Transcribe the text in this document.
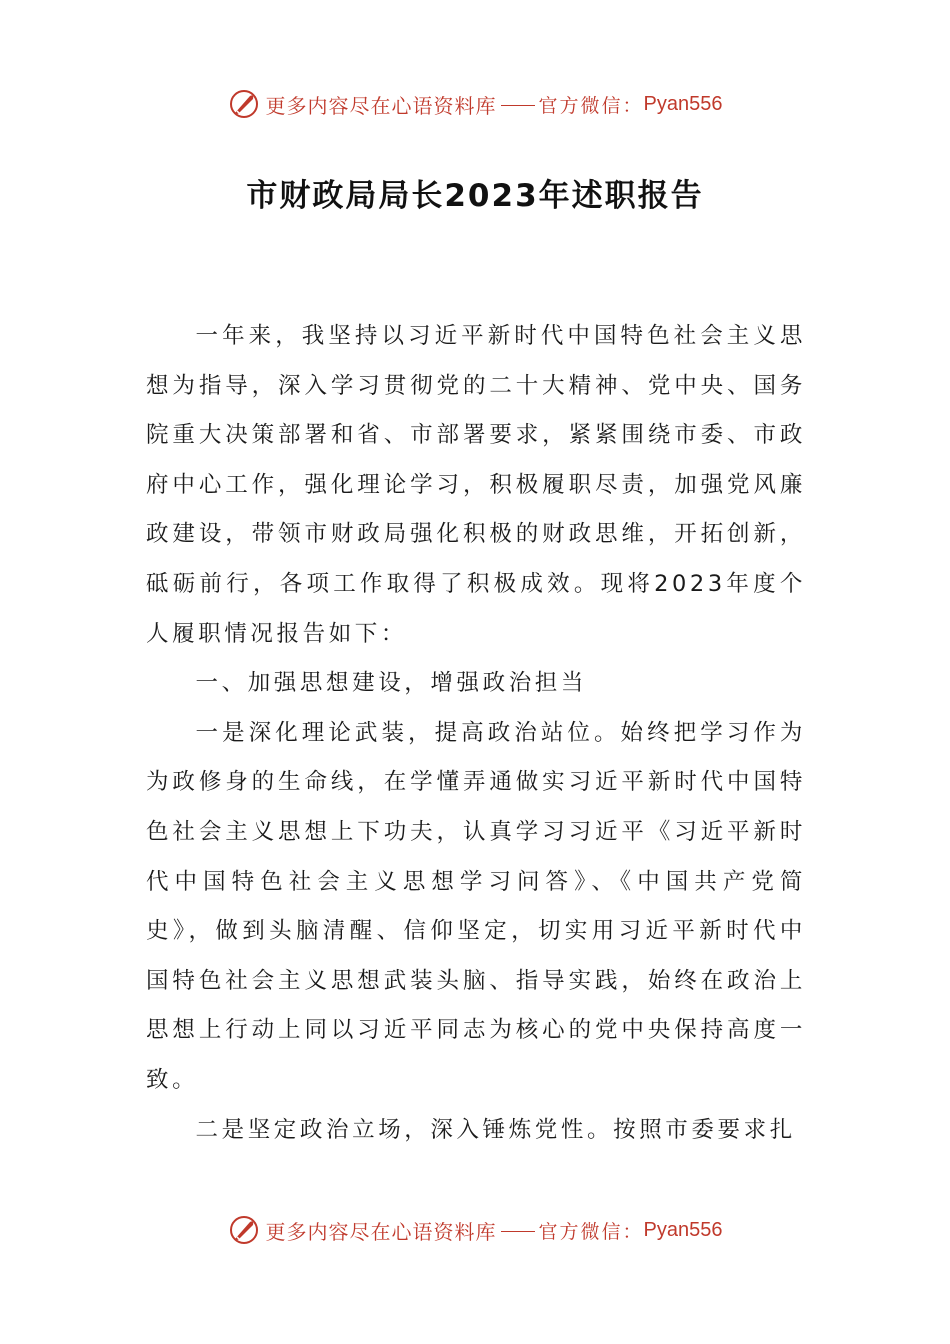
更多内容尽在心语资料库 官方微信： Pyan556
市财政局局长2023年述职报告

一年来，我坚持以习近平新时代中国特色社会主义思想为指导，深入学习贯彻党的二十大精神、党中央、国务院重大决策部署和省、市部署要求，紧紧围绕市委、市政府中心工作，强化理论学习，积极履职尽责，加强党风廉政建设，带领市财政局强化积极的财政思维，开拓创新，砥砺前行，各项工作取得了积极成效。现将2023年度个人履职情况报告如下：

一、加强思想建设，增强政治担当

一是深化理论武装，提高政治站位。始终把学习作为为政修身的生命线，在学懂弄通做实习近平新时代中国特色社会主义思想上下功夫，认真学习习近平《习近平新时代中国特色社会主义思想学习问答》、《中国共产党简史》，做到头脑清醒、信仰坚定，切实用习近平新时代中国特色社会主义思想武装头脑、指导实践，始终在政治上思想上行动上同以习近平同志为核心的党中央保持高度一致。

二是坚定政治立场，深入锤炼党性。按照市委要求扎

更多内容尽在心语资料库 官方微信： Pyan556
